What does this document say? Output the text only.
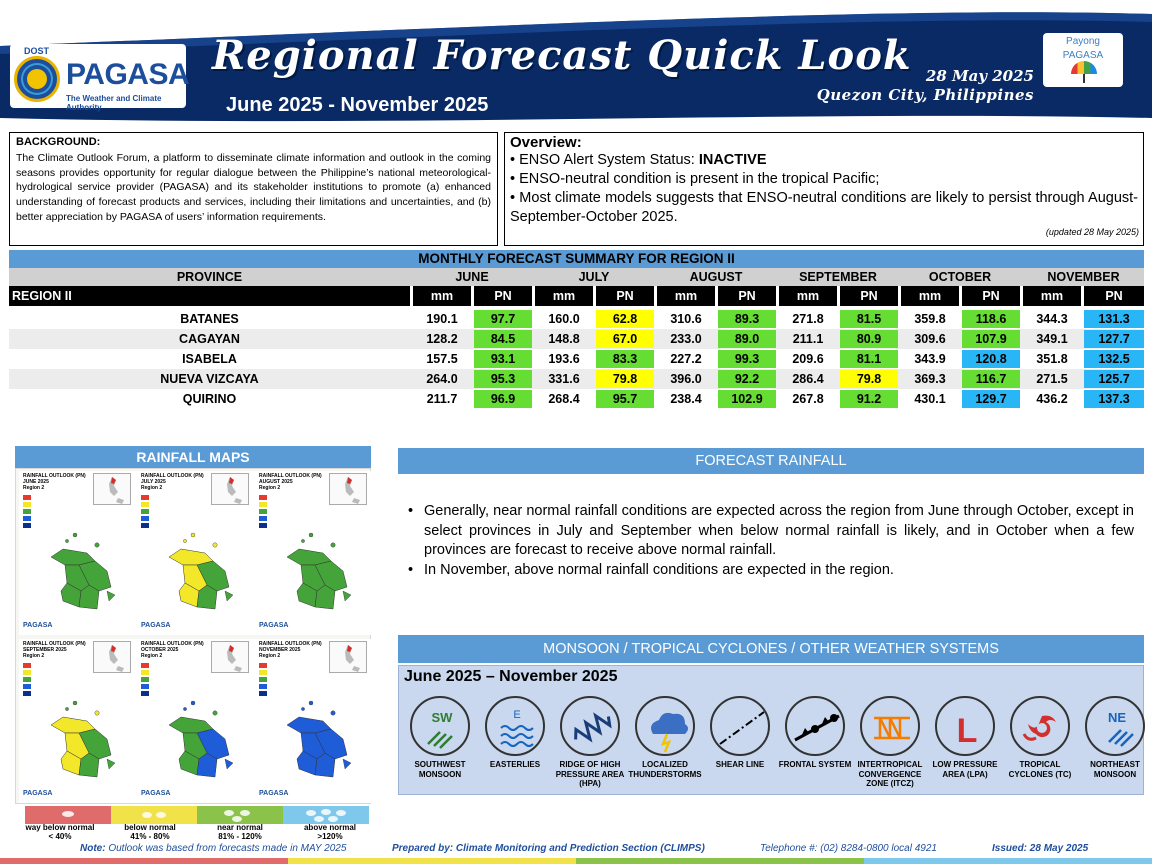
DOST
PAGASA
The Weather and Climate Authority
Regional Forecast Quick Look
June 2025 - November 2025
28 May 2025
Quezon City, Philippines
Payong
PAGASA
BACKGROUND:
The Climate Outlook Forum, a platform to disseminate climate information and outlook in the coming seasons provides opportunity for regular dialogue between the Philippine’s national meteorological-hydrological service provider (PAGASA) and its stakeholder institutions to promote (a) enhanced understanding of forecast products and services, including their limitations and uncertainties, and (b) better appreciation by PAGASA of users’ information requirements.
Overview:
• ENSO Alert System Status: INACTIVE
• ENSO-neutral condition is present in the tropical Pacific;
• Most climate models suggests that ENSO-neutral conditions are likely to persist through August-September-October 2025.
(updated 28 May 2025)
MONTHLY FORECAST SUMMARY FOR REGION II
PROVINCE	JUNE	JULY	AUGUST	SEPTEMBER	OCTOBER	NOVEMBER
REGION II	mm	PN	mm	PN	mm	PN	mm	PN	mm	PN	mm	PN
BATANES	190.1	97.7	160.0	62.8	310.6	89.3	271.8	81.5	359.8	118.6	344.3	131.3
CAGAYAN	128.2	84.5	148.8	67.0	233.0	89.0	211.1	80.9	309.6	107.9	349.1	127.7
ISABELA	157.5	93.1	193.6	83.3	227.2	99.3	209.6	81.1	343.9	120.8	351.8	132.5
NUEVA VIZCAYA	264.0	95.3	331.6	79.8	396.0	92.2	286.4	79.8	369.3	116.7	271.5	125.7
QUIRINO	211.7	96.9	268.4	95.7	238.4	102.9	267.8	91.2	430.1	129.7	436.2	137.3
RAINFALL MAPS
RAINFALL OUTLOOK (PN)
JUNE 2025
Region 2
PAGASA
RAINFALL OUTLOOK (PN)
JULY 2025
Region 2
PAGASA
RAINFALL OUTLOOK (PN)
AUGUST 2025
Region 2
PAGASA
RAINFALL OUTLOOK (PN)
SEPTEMBER 2025
Region 2
PAGASA
RAINFALL OUTLOOK (PN)
OCTOBER 2025
Region 2
PAGASA
RAINFALL OUTLOOK (PN)
NOVEMBER 2025
Region 2
PAGASA
way below normal
< 40%
below normal
41% - 80%
near normal
81% - 120%
above normal
>120%
FORECAST RAINFALL
• Generally, near normal rainfall conditions are expected across the region from June through October, except in select provinces in July and September when below normal rainfall is likely, and in October when a few provinces are forecast to receive above normal rainfall.
• In November, above normal rainfall conditions are expected in the region.
MONSOON / TROPICAL CYCLONES / OTHER WEATHER SYSTEMS
June 2025 – November 2025
SW
SOUTHWEST MONSOON
E
EASTERLIES	RIDGE OF HIGH PRESSURE AREA (HPA)
LOCALIZED THUNDERSTORMS
SHEAR LINE	FRONTAL SYSTEM INTERTROPICAL CONVERGENCE ZONE (ITCZ)
L
LOW PRESSURE AREA (LPA)
TROPICAL CYCLONES (TC)
NE
NORTHEAST MONSOON
Note: Outlook was based from forecasts made in MAY 2025	Prepared by: Climate Monitoring and Prediction Section (CLIMPS)	Telephone #: (02) 8284-0800 local 4921	Issued: 28 May 2025
